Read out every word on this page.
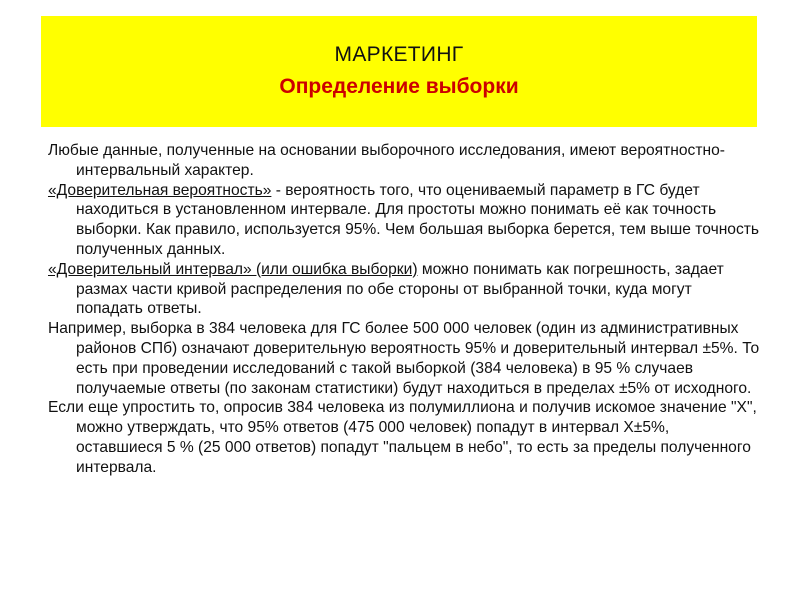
МАРКЕТИНГ
Определение выборки

Любые данные, полученные на основании выборочного исследования, имеют вероятностно-интервальный характер.

«Доверительная вероятность» - вероятность того, что оцениваемый параметр в ГС будет находиться в установленном интервале. Для простоты можно понимать её как точность выборки. Как правило, используется 95%. Чем большая выборка берется, тем выше точность полученных данных.

«Доверительный интервал» (или ошибка выборки) можно понимать как погрешность, задает размах части кривой распределения по обе стороны от выбранной точки, куда могут попадать ответы.

Например, выборка в 384 человека для ГС более 500 000 человек (один из административных районов СПб) означают доверительную вероятность 95% и доверительный интервал ±5%. То есть при проведении исследований с такой выборкой (384 человека) в 95 % случаев получаемые ответы (по законам статистики) будут находиться в пределах ±5% от исходного.

Если еще упростить то, опросив 384 человека из полумиллиона и получив искомое значение "Х", можно утверждать, что 95% ответов (475 000 человек) попадут в интервал Х±5%, оставшиеся 5 % (25 000 ответов) попадут "пальцем в небо", то есть за пределы полученного интервала.
